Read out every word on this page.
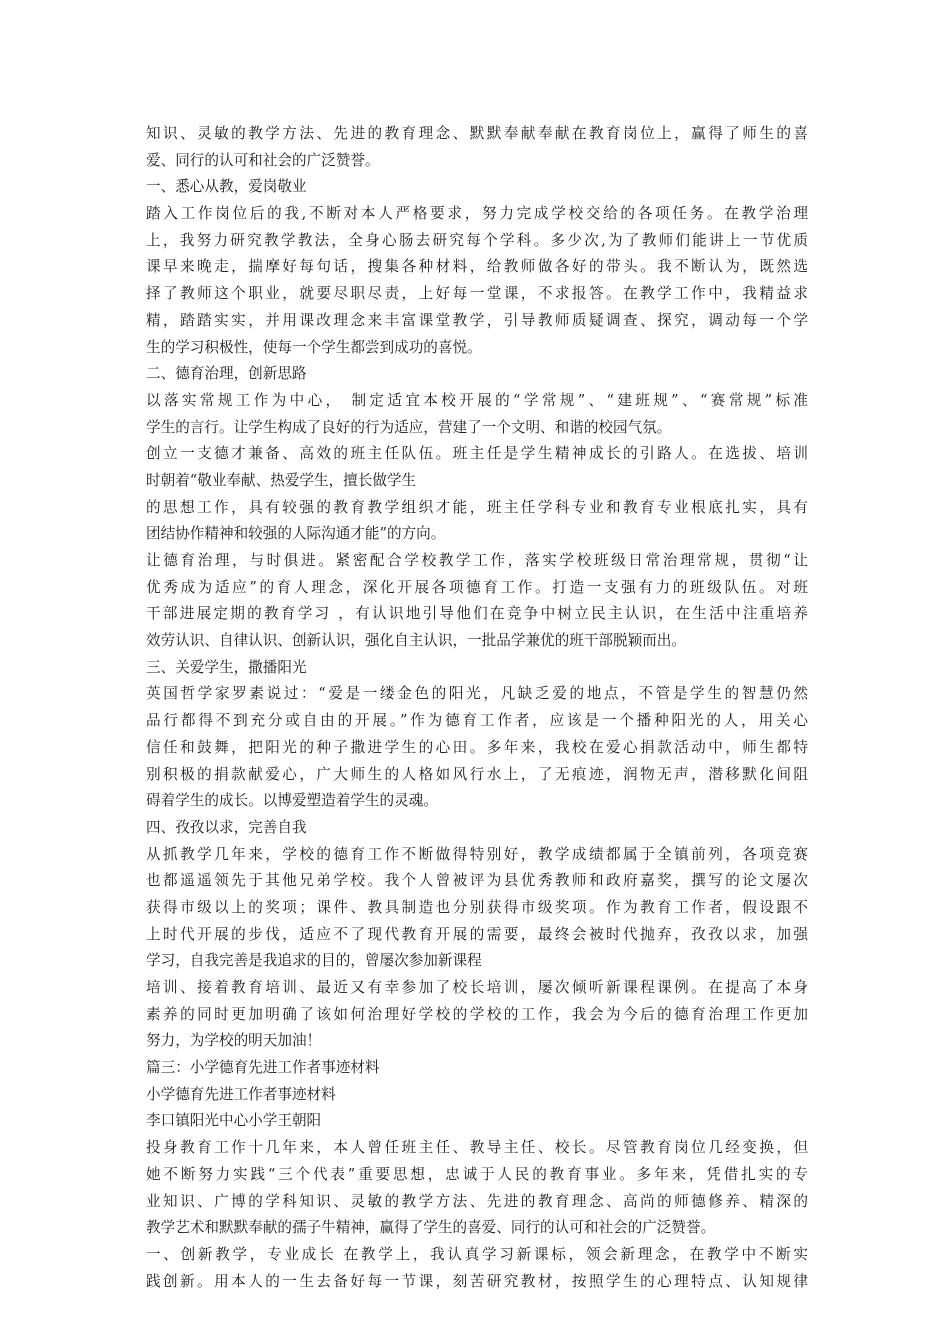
知识、灵敏的教学方法、先进的教育理念、默默奉献奉献在教育岗位上，赢得了师生的喜
爱、同行的认可和社会的广泛赞誉。
一、悉心从教，爱岗敬业
踏入工作岗位后的我,不断对本人严格要求，努力完成学校交给的各项任务。在教学治理
上，我努力研究教学教法，全身心肠去研究每个学科。多少次,为了教师们能讲上一节优质
课早来晚走，揣摩好每句话，搜集各种材料，给教师做各好的带头。我不断认为，既然选
择了教师这个职业，就要尽职尽责，上好每一堂课，不求报答。在教学工作中，我精益求
精，踏踏实实，并用课改理念来丰富课堂教学，引导教师质疑调查、探究，调动每一个学
生的学习积极性，使每一个学生都尝到成功的喜悦。
二、德育治理，创新思路
以落实常规工作为中心， 制定适宜本校开展的“学常规”、“建班规”、“赛常规”标准
学生的言行。让学生构成了良好的行为适应，营建了一个文明、和谐的校园气氛。
创立一支德才兼备、高效的班主任队伍。班主任是学生精神成长的引路人。在选拔、培训
时朝着“敬业奉献、热爱学生，擅长做学生
的思想工作，具有较强的教育教学组织才能，班主任学科专业和教育专业根底扎实，具有
团结协作精神和较强的人际沟通才能”的方向。
让德育治理，与时俱进。紧密配合学校教学工作，落实学校班级日常治理常规，贯彻“让
优秀成为适应”的育人理念，深化开展各项德育工作。打造一支强有力的班级队伍。对班
干部进展定期的教育学习 ，有认识地引导他们在竞争中树立民主认识，在生活中注重培养
效劳认识、自律认识、创新认识，强化自主认识，一批品学兼优的班干部脱颖而出。
三、关爱学生，撒播阳光
英国哲学家罗素说过：“爱是一缕金色的阳光，凡缺乏爱的地点，不管是学生的智慧仍然
品行都得不到充分或自由的开展。”作为德育工作者，应该是一个播种阳光的人，用关心
信任和鼓舞，把阳光的种子撒进学生的心田。多年来，我校在爱心捐款活动中，师生都特
别积极的捐款献爱心，广大师生的人格如风行水上，了无痕迹，润物无声，潜移默化间阻
碍着学生的成长。以博爱塑造着学生的灵魂。
四、孜孜以求，完善自我
从抓教学几年来，学校的德育工作不断做得特别好，教学成绩都属于全镇前列，各项竞赛
也都遥遥领先于其他兄弟学校。我个人曾被评为县优秀教师和政府嘉奖，撰写的论文屡次
获得市级以上的奖项；课件、教具制造也分别获得市级奖项。作为教育工作者，假设跟不
上时代开展的步伐，适应不了现代教育开展的需要，最终会被时代抛弃，孜孜以求，加强
学习，自我完善是我追求的目的，曾屡次参加新课程
培训、接着教育培训、最近又有幸参加了校长培训，屡次倾听新课程课例。在提高了本身
素养的同时更加明确了该如何治理好学校的学校的工作，我会为今后的德育治理工作更加
努力，为学校的明天加油！
篇三：小学德育先进工作者事迹材料
小学德育先进工作者事迹材料
李口镇阳光中心小学王朝阳
投身教育工作十几年来，本人曾任班主任、教导主任、校长。尽管教育岗位几经变换，但
她不断努力实践“三个代表”重要思想，忠诚于人民的教育事业。多年来，凭借扎实的专
业知识、广博的学科知识、灵敏的教学方法、先进的教育理念、高尚的师德修养、精深的
教学艺术和默默奉献的孺子牛精神，赢得了学生的喜爱、同行的认可和社会的广泛赞誉。
一、创新教学，专业成长 在教学上，我认真学习新课标，领会新理念，在教学中不断实
践创新。用本人的一生去备好每一节课，刻苦研究教材，按照学生的心理特点、认知规律
